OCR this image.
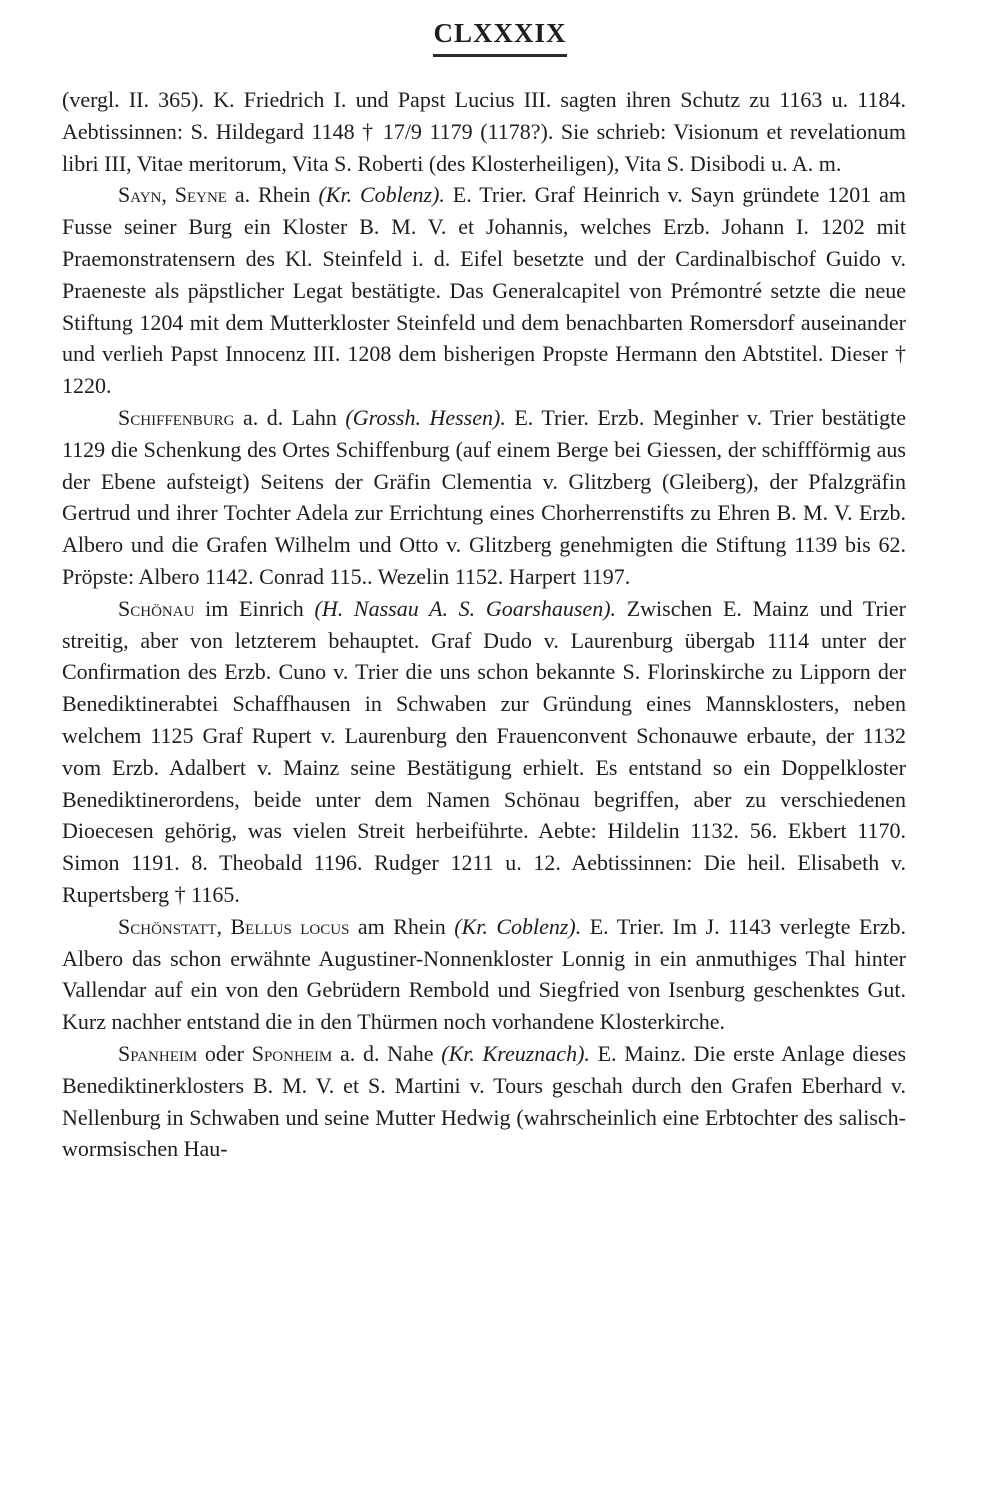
CLXXXIX

(vergl. II. 365). K. Friedrich I. und Papst Lucius III. sagten ihren Schutz zu 1163 u. 1184. Aebtissinnen: S. Hildegard 1148 † 17/9 1179 (1178?). Sie schrieb: Visionum et revelationum libri III, Vitae meritorum, Vita S. Roberti (des Klosterheiligen), Vita S. Disibodi u. A. m.

Sayn, Seyne a. Rhein (Kr. Coblenz). E. Trier. Graf Heinrich v. Sayn gründete 1201 am Fusse seiner Burg ein Kloster B. M. V. et Johannis, welches Erzb. Johann I. 1202 mit Praemonstratensern des Kl. Steinfeld i. d. Eifel besetzte und der Cardinalbischof Guido v. Praeneste als päpstlicher Legat bestätigte. Das Generalcapitel von Prémontré setzte die neue Stiftung 1204 mit dem Mutterkloster Steinfeld und dem benachbarten Romersdorf auseinander und verlieh Papst Innocenz III. 1208 dem bisherigen Propste Hermann den Abtstitel. Dieser † 1220.

Schiffenburg a. d. Lahn (Grossh. Hessen). E. Trier. Erzb. Meginher v. Trier bestätigte 1129 die Schenkung des Ortes Schiffenburg (auf einem Berge bei Giessen, der schiffförmig aus der Ebene aufsteigt) Seitens der Gräfin Clementia v. Glitzberg (Gleiberg), der Pfalzgräfin Gertrud und ihrer Tochter Adela zur Errichtung eines Chorherrenstifts zu Ehren B. M. V. Erzb. Albero und die Grafen Wilhelm und Otto v. Glitzberg genehmigten die Stiftung 1139 bis 62. Pröpste: Albero 1142. Conrad 115.. Wezelin 1152. Harpert 1197.

Schönau im Einrich (H. Nassau A. S. Goarshausen). Zwischen E. Mainz und Trier streitig, aber von letzterem behauptet. Graf Dudo v. Laurenburg übergab 1114 unter der Confirmation des Erzb. Cuno v. Trier die uns schon bekannte S. Florinskirche zu Lipporn der Benediktinerabtei Schaffhausen in Schwaben zur Gründung eines Mannsklosters, neben welchem 1125 Graf Rupert v. Laurenburg den Frauenconvent Schonauwe erbaute, der 1132 vom Erzb. Adalbert v. Mainz seine Bestätigung erhielt. Es entstand so ein Doppelkloster Benediktinerordens, beide unter dem Namen Schönau begriffen, aber zu verschiedenen Dioecesen gehörig, was vielen Streit herbeiführte. Aebte: Hildelin 1132. 56. Ekbert 1170. Simon 1191. 8. Theobald 1196. Rudger 1211 u. 12. Aebtissinnen: Die heil. Elisabeth v. Rupertsberg † 1165.

Schönstatt, Bellus locus am Rhein (Kr. Coblenz). E. Trier. Im J. 1143 verlegte Erzb. Albero das schon erwähnte Augustiner-Nonnenkloster Lonnig in ein anmuthiges Thal hinter Vallendar auf ein von den Gebrüdern Rembold und Siegfried von Isenburg geschenktes Gut. Kurz nachher entstand die in den Thürmen noch vorhandene Klosterkirche.

Spanheim oder Sponheim a. d. Nahe (Kr. Kreuznach). E. Mainz. Die erste Anlage dieses Benediktinerklosters B. M. V. et S. Martini v. Tours geschah durch den Grafen Eberhard v. Nellenburg in Schwaben und seine Mutter Hedwig (wahrscheinlich eine Erbtochter des salisch-wormsischen Hau-
